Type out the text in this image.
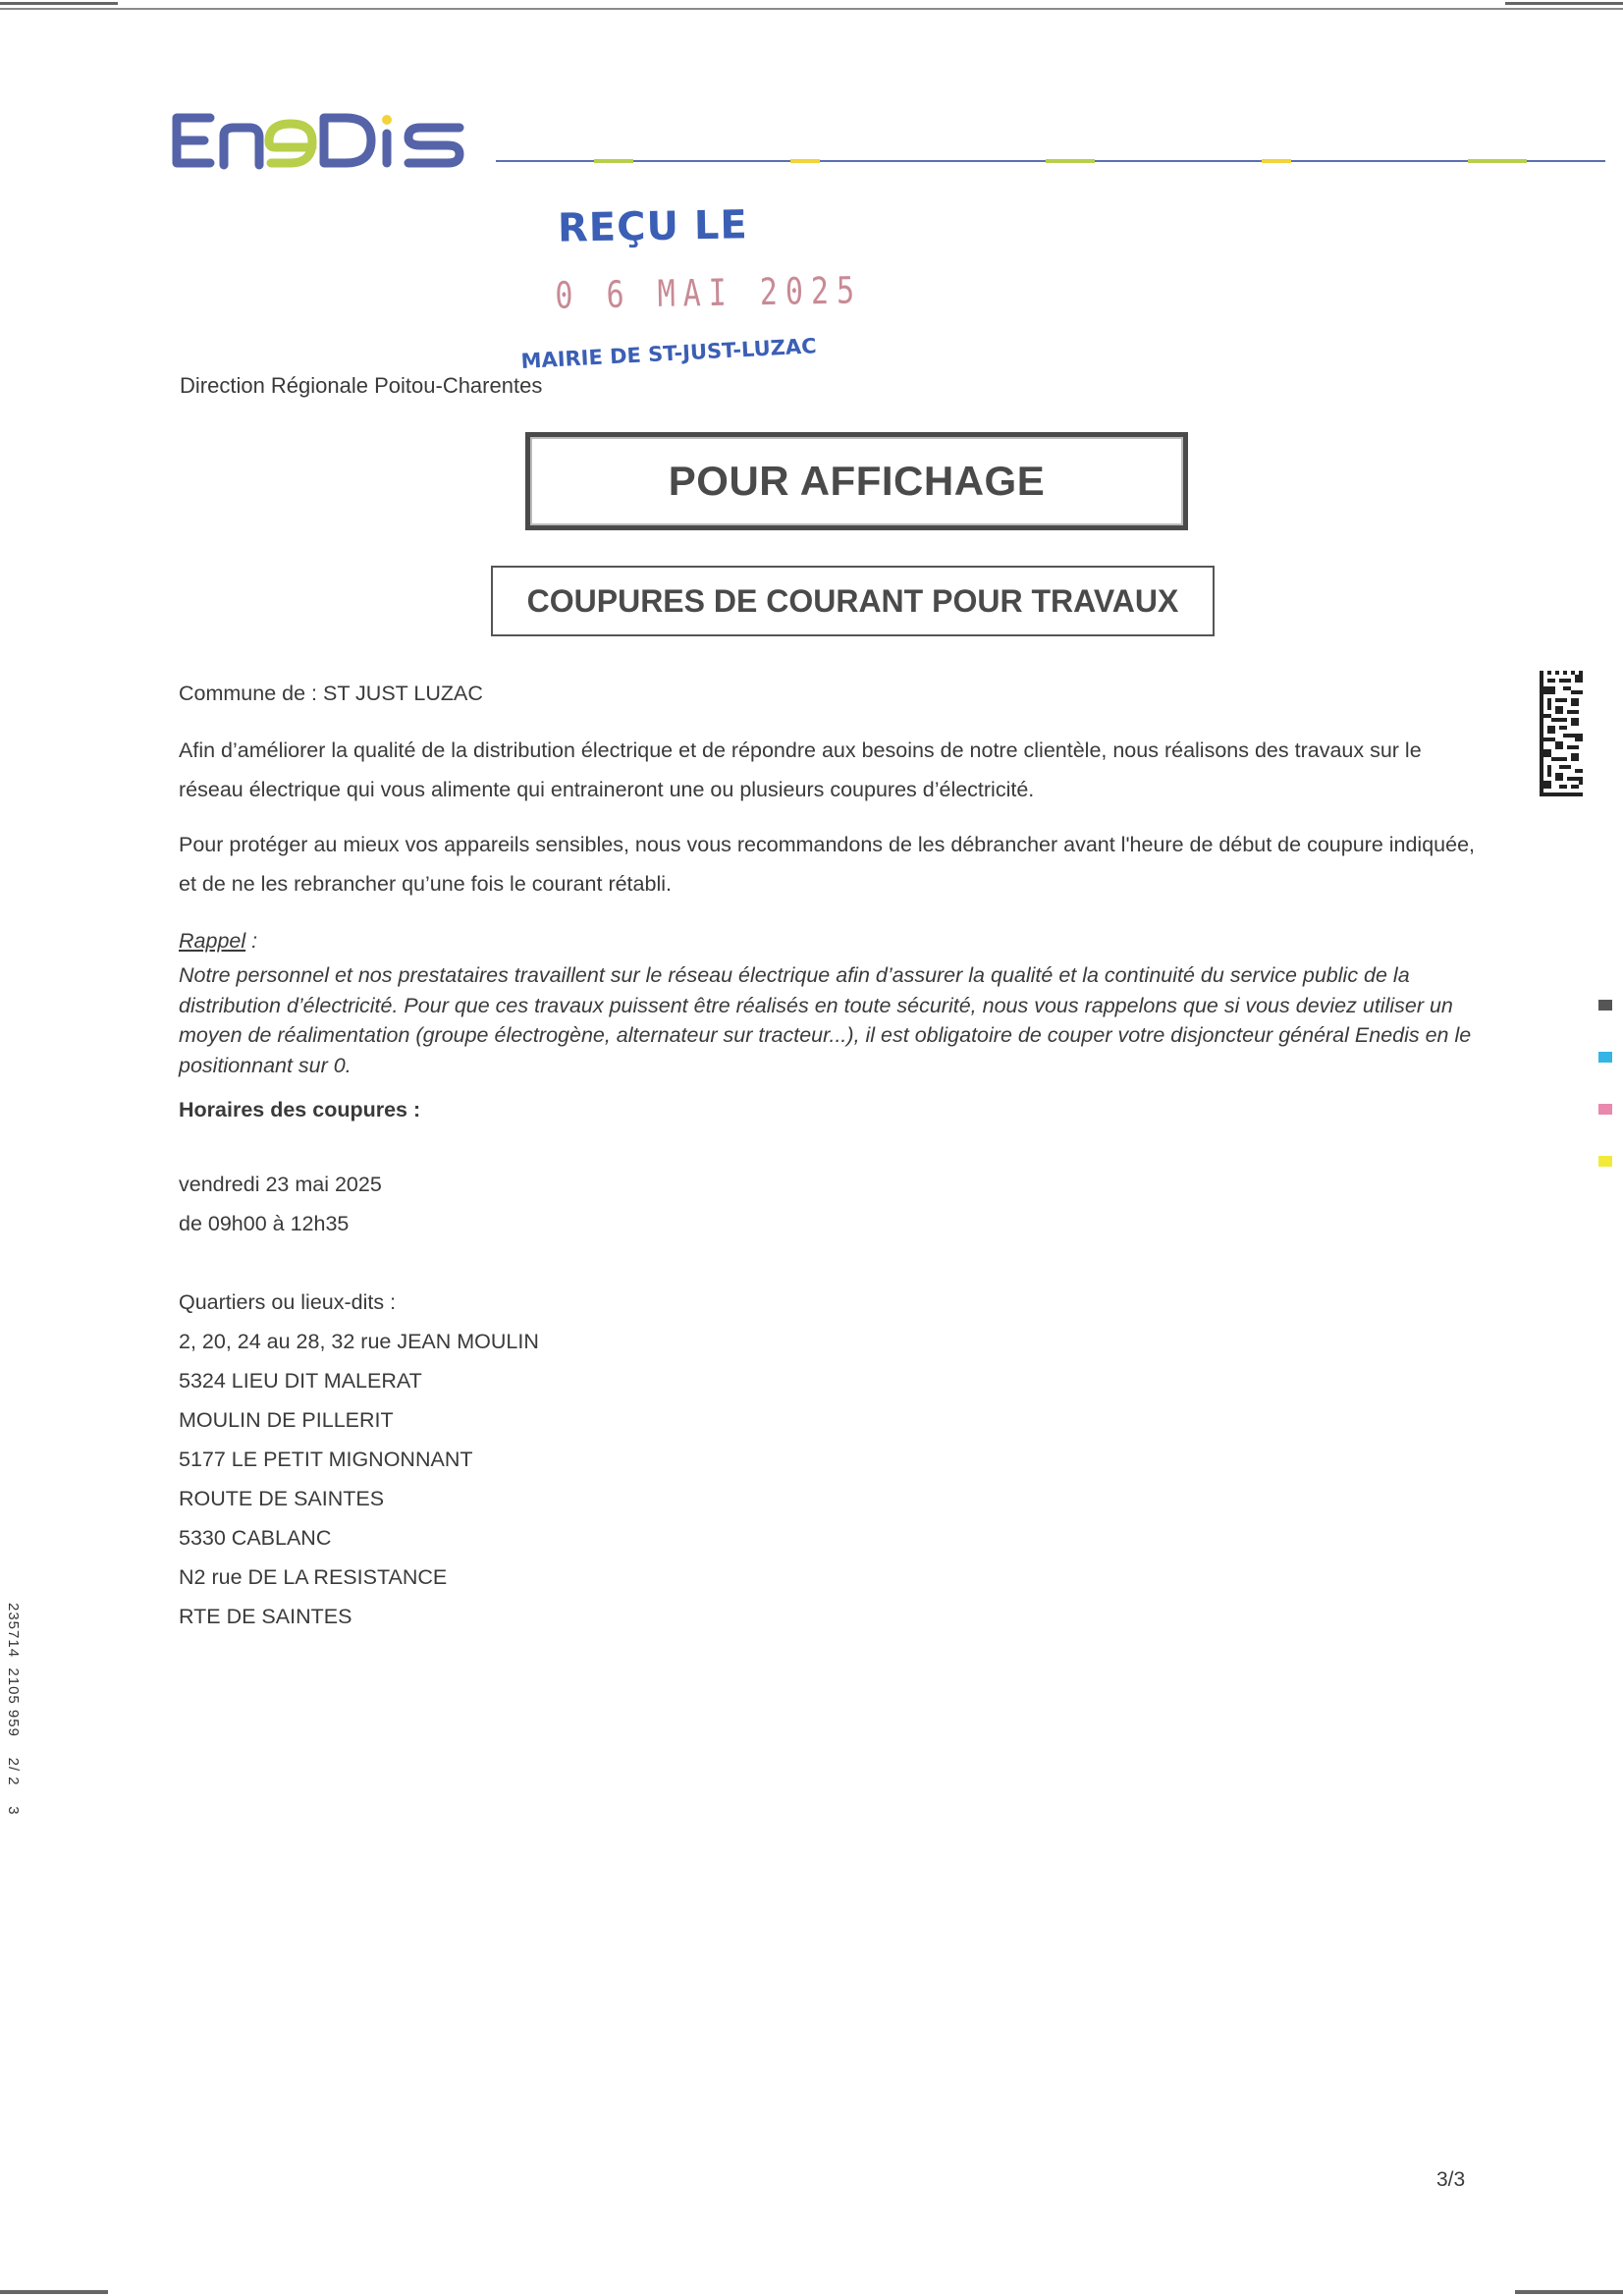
REÇU LE
0 6 MAI 2025
MAIRIE DE ST-JUST-LUZAC
Direction Régionale Poitou-Charentes
POUR AFFICHAGE
COUPURES DE COURANT POUR TRAVAUX

Commune de : ST JUST LUZAC

Afin d’améliorer la qualité de la distribution électrique et de répondre aux besoins de notre clientèle, nous réalisons des travaux sur le réseau électrique qui vous alimente qui entraineront une ou plusieurs coupures d’électricité.

Pour protéger au mieux vos appareils sensibles, nous vous recommandons de les débrancher avant l'heure de début de coupure indiquée, et de ne les rebrancher qu’une fois le courant rétabli.

Rappel :

Notre personnel et nos prestataires travaillent sur le réseau électrique afin d’assurer la qualité et la continuité du service public de la distribution d’électricité. Pour que ces travaux puissent être réalisés en toute sécurité, nous vous rappelons que si vous deviez utiliser un moyen de réalimentation (groupe électrogène, alternateur sur tracteur...), il est obligatoire de couper votre disjoncteur général Enedis en le positionnant sur 0.

Horaires des coupures :

vendredi 23 mai 2025

de 09h00 à 12h35

Quartiers ou lieux-dits :

2, 20, 24 au 28, 32 rue JEAN MOULIN
5324 LIEU DIT MALERAT
MOULIN DE PILLERIT
5177 LE PETIT MIGNONNANT
ROUTE DE SAINTES
5330 CABLANC
N2 rue DE LA RESISTANCE
RTE DE SAINTES
235714  2105 959    2/ 2    3
3/3
